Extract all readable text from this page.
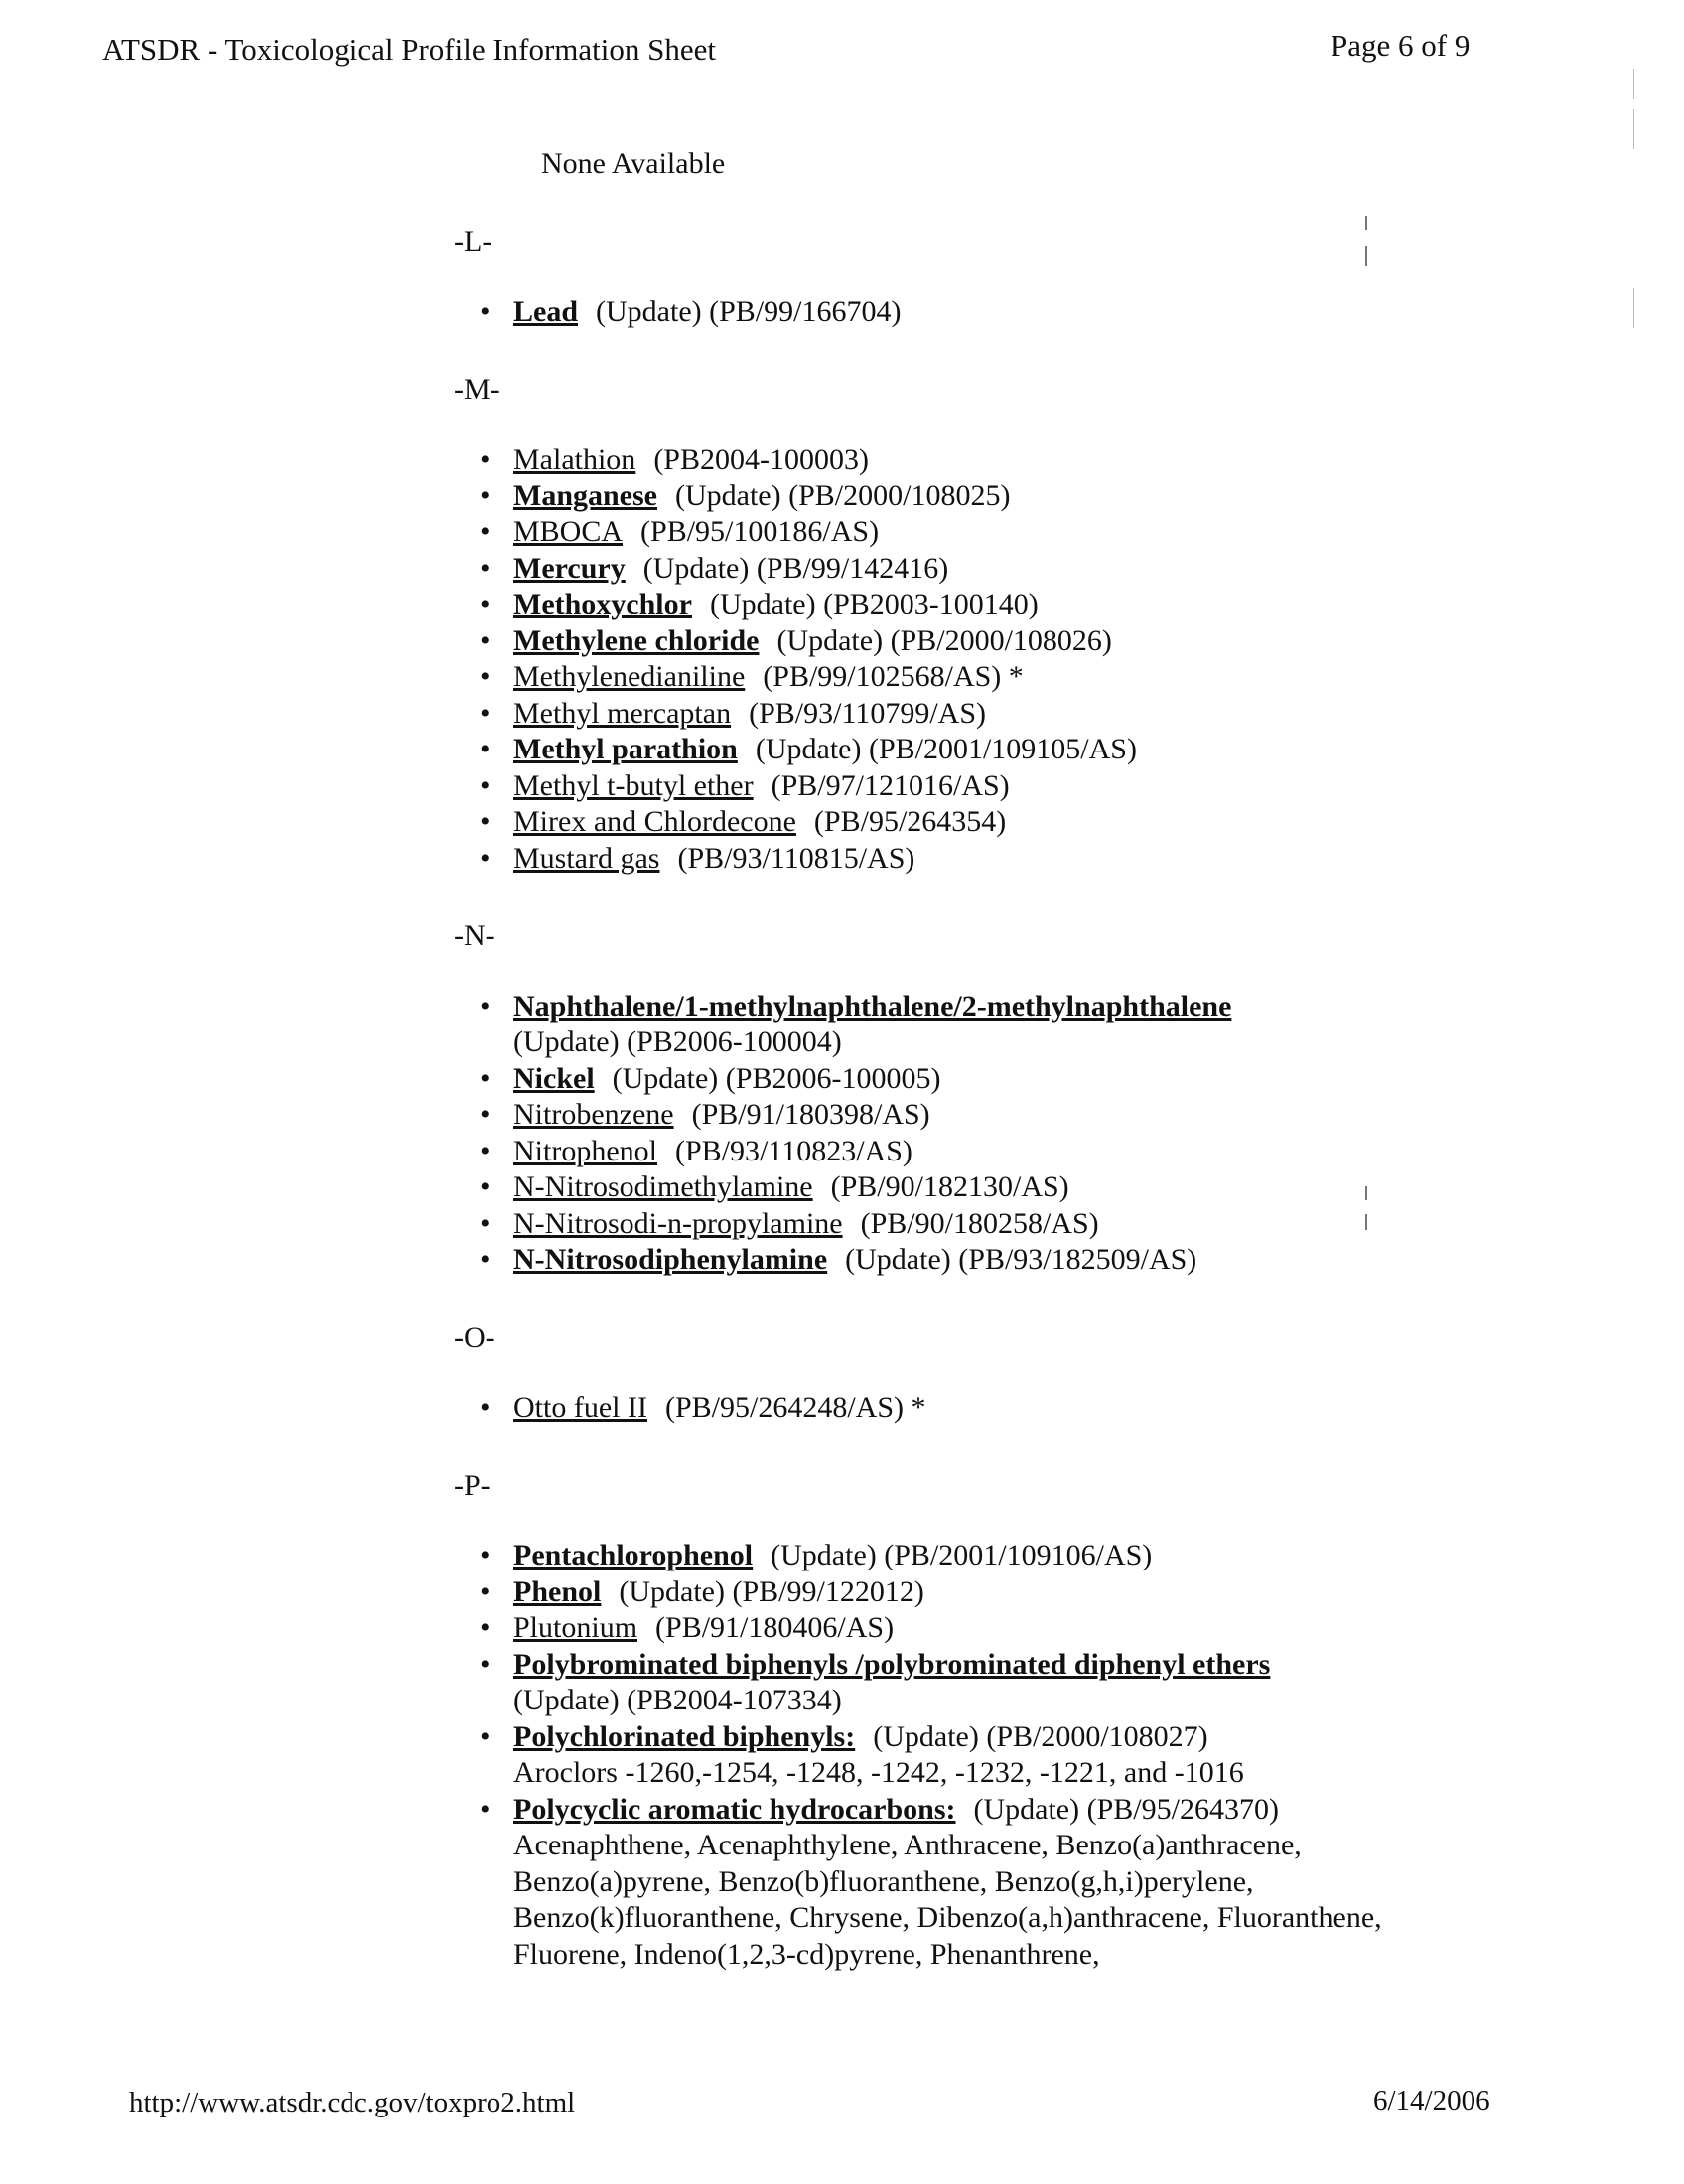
ATSDR - Toxicological Profile Information Sheet	Page 6 of 9
None Available
-L-
• Lead (Update) (PB/99/166704)
-M-
• Malathion (PB2004-100003)
• Manganese (Update) (PB/2000/108025)
• MBOCA (PB/95/100186/AS)
• Mercury (Update) (PB/99/142416)
• Methoxychlor (Update) (PB2003-100140)
• Methylene chloride (Update) (PB/2000/108026)
• Methylenedianiline (PB/99/102568/AS) *
• Methyl mercaptan (PB/93/110799/AS)
• Methyl parathion (Update) (PB/2001/109105/AS)
• Methyl t-butyl ether (PB/97/121016/AS)
• Mirex and Chlordecone (PB/95/264354)
• Mustard gas (PB/93/110815/AS)
-N-
• Naphthalene/1-methylnaphthalene/2-methylnaphthalene
(Update) (PB2006-100004)
• Nickel (Update) (PB2006-100005)
• Nitrobenzene (PB/91/180398/AS)
• Nitrophenol (PB/93/110823/AS)
• N-Nitrosodimethylamine (PB/90/182130/AS)
• N-Nitrosodi-n-propylamine (PB/90/180258/AS)
• N-Nitrosodiphenylamine (Update) (PB/93/182509/AS)
-O-
• Otto fuel II (PB/95/264248/AS) *
-P-
• Pentachlorophenol (Update) (PB/2001/109106/AS)
• Phenol (Update) (PB/99/122012)
• Plutonium (PB/91/180406/AS)
• Polybrominated biphenyls /polybrominated diphenyl ethers
(Update) (PB2004-107334)
• Polychlorinated biphenyls: (Update) (PB/2000/108027)
Aroclors -1260,-1254, -1248, -1242, -1232, -1221, and -1016
• Polycyclic aromatic hydrocarbons: (Update) (PB/95/264370)
Acenaphthene, Acenaphthylene, Anthracene, Benzo(a)anthracene, Benzo(a)pyrene, Benzo(b)fluoranthene, Benzo(g,h,i)perylene, Benzo(k)fluoranthene, Chrysene, Dibenzo(a,h)anthracene, Fluoranthene, Fluorene, Indeno(1,2,3-cd)pyrene, Phenanthrene,
http://www.atsdr.cdc.gov/toxpro2.html	6/14/2006
